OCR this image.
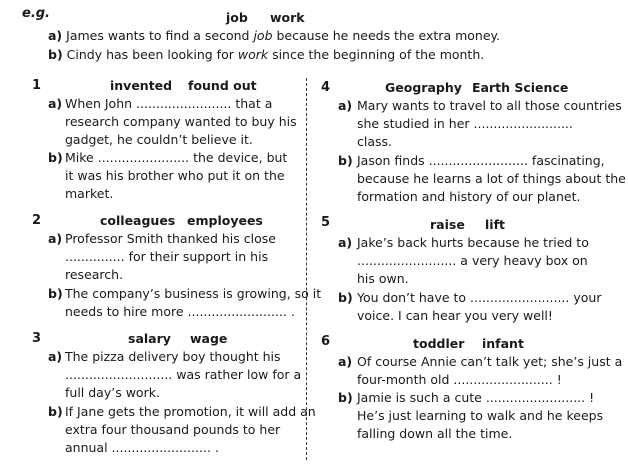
e.g.	job work
a) James wants to find a second job because he needs the extra money.
b) Cindy has been looking for work since the beginning of the month.
1	invented found out
a) When John ........................ that a
research company wanted to buy his
gadget, he couldn’t believe it.
b) Mike ....................... the device, but
it was his brother who put it on the
market.
2	colleagues employees
a) Professor Smith thanked his close
............... for their support in his
research.
b) The company’s business is growing, so it
needs to hire more ......................... .
3	salary wage
a) The pizza delivery boy thought his
........................... was rather low for a
full day’s work.
b) If Jane gets the promotion, it will add an
extra four thousand pounds to her
annual ......................... .
4	Geography Earth Science
a) Mary wants to travel to all those countries
she studied in her .........................
class.
b) Jason finds ......................... fascinating,
because he learns a lot of things about the
formation and history of our planet.
5	raise lift
a) Jake’s back hurts because he tried to
......................... a very heavy box on
his own.
b) You don’t have to ......................... your
voice. I can hear you very well!
6	toddler infant
a) Of course Annie can’t talk yet; she’s just a
four-month old ......................... !
b) Jamie is such a cute ......................... !
He’s just learning to walk and he keeps
falling down all the time.
